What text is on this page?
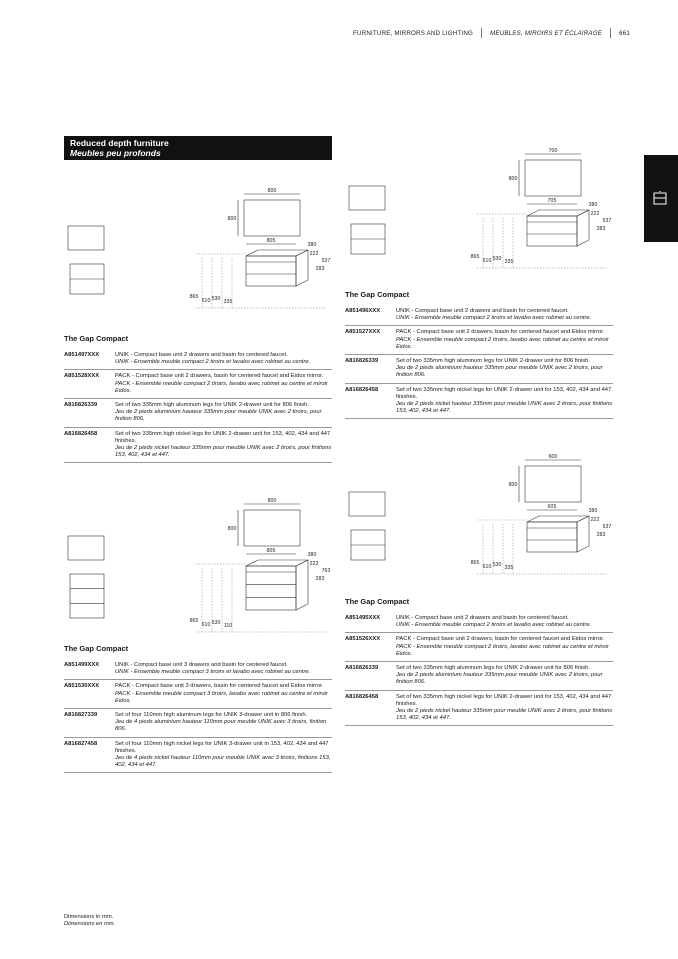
FURNITURE, MIRRORS AND LIGHTING	MEUBLES, MIROIRS ET ÉCLAIRAGE	661
Reduced depth furniture
Meubles peu profonds
800
800
805
380
222
537
283
865
610 530 335
700
800
705
380
222
537
283
865
610 530 335
800
800
805
380
222
763
283
865
610 530 110
600
800
605
380
222
537
283
865
610 530 335
The Gap Compact
A851497XXX	UNIK - Compact base unit 2 drawers and basin for centered faucet.
UNIK - Ensemble meuble compact 2 tiroirs et lavabo avec robinet au centre.
A851528XXX	PACK - Compact base unit 2 drawers, basin for centered faucet and Eidos mirror.
PACK - Ensemble meuble compact 2 tiroirs, lavabo avec robinet au centre et miroir Eidos.
A816826339	Set of two 335mm high aluminum legs for UNIK 2-drawer unit for 806 finish.
Jeu de 2 pieds aluminium hauteur 335mm pour meuble UNIK avec 2 tiroirs, pour finition 806.
A816826458	Set of two 335mm high nickel legs for UNIK 2-drawer unit for 153, 402, 434 and 447 finishes.
Jeu de 2 pieds nickel hauteur 335mm pour meuble UNIK avec 2 tiroirs, pour finitions 153, 402, 434 et 447.
The Gap Compact
A851496XXX	UNIK - Compact base unit 2 drawers and basin for centered faucet.
UNIK - Ensemble meuble compact 2 tiroirs et lavabo avec robinet au centre.
A851527XXX	PACK - Compact base unit 2 drawers, basin for centered faucet and Eidos mirror.
PACK - Ensemble meuble compact 2 tiroirs, lavabo avec robinet au centre et miroir Eidos.
A816826339	Set of two 335mm high aluminum legs for UNIK 2-drawer unit for 806 finish.
Jeu de 2 pieds aluminium hauteur 335mm pour meuble UNIK avec 2 tiroirs, pour finition 806.
A816826458	Set of two 335mm high nickel legs for UNIK 2-drawer unit for 153, 402, 434 and 447 finishes.
Jeu de 2 pieds nickel hauteur 335mm pour meuble UNIK avec 2 tiroirs, pour finitions 153, 402, 434 et 447.
The Gap Compact
A851499XXX	UNIK - Compact base unit 3 drawers and basin for centered faucet.
UNIK - Ensemble meuble compact 3 tiroirs et lavabo avec robinet au centre.
A851530XXX	PACK - Compact base unit 3 drawers, basin for centered faucet and Eidos mirror.
PACK - Ensemble meuble compact 3 tiroirs, lavabo avec robinet au centre et miroir Eidos.
A816827339	Set of four 110mm high aluminum legs for UNIK 3-drawer unit in 806 finish.
Jeu de 4 pieds aluminium hauteur 110mm pour meuble UNIK avec 3 tiroirs, finition 806.
A816827458	Set of four 110mm high nickel legs for UNIK 3-drawer unit in 153, 402, 434 and 447 finishes.
Jeu de 4 pieds nickel hauteur 110mm pour meuble UNIK avec 3 tiroirs, finitions 153, 402, 434 et 447.
The Gap Compact
A851495XXX	UNIK - Compact base unit 2 drawers and basin for centered faucet.
UNIK - Ensemble meuble compact 2 tiroirs et lavabo avec robinet au centre.
A851526XXX	PACK - Compact base unit 2 drawers, basin for centered faucet and Eidos mirror.
PACK - Ensemble meuble compact 2 tiroirs, lavabo avec robinet au centre et miroir Eidos.
A816826339	Set of two 335mm high aluminum legs for UNIK 2-drawer unit for 806 finish.
Jeu de 2 pieds aluminium hauteur 335mm pour meuble UNIK avec 2 tiroirs, pour finition 806.
A816826458	Set of two 335mm high nickel legs for UNIK 2-drawer unit for 153, 402, 434 and 447 finishes.
Jeu de 2 pieds nickel hauteur 335mm pour meuble UNIK avec 2 tiroirs, pour finitions 153, 402, 434 et 447.
Dimensions in mm.
Dimensions en mm.
